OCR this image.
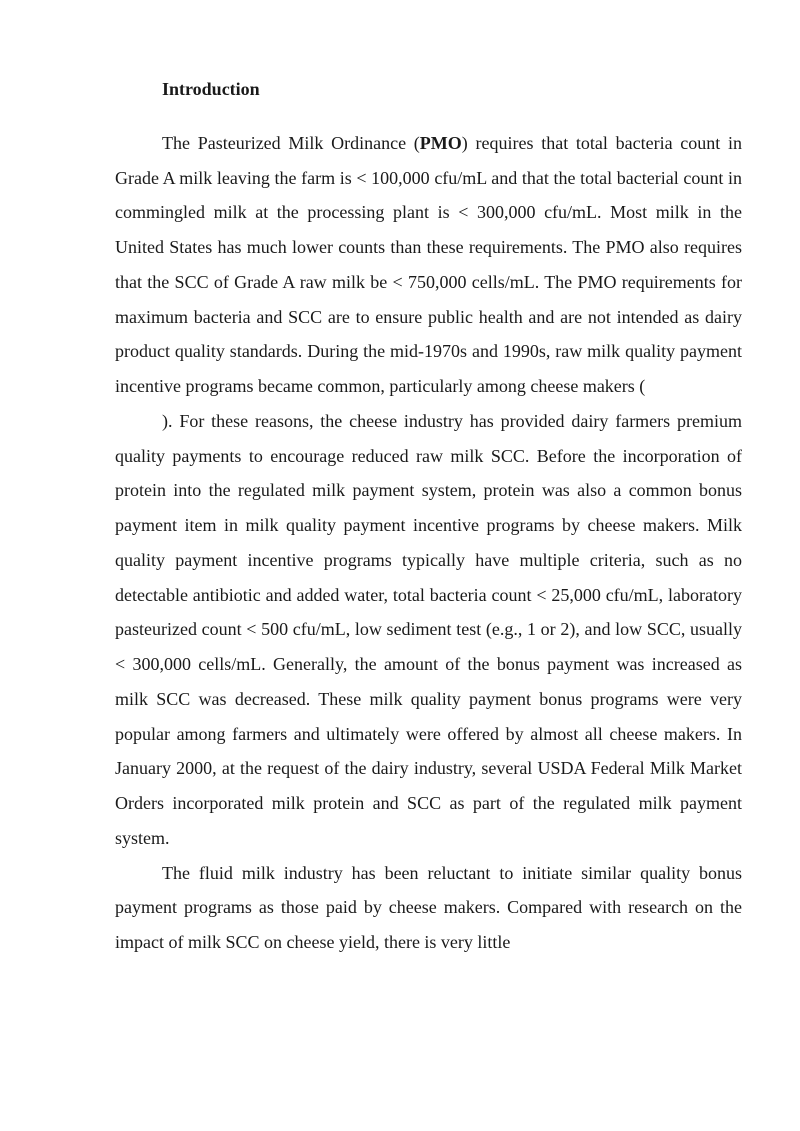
Introduction

The Pasteurized Milk Ordinance (PMO) requires that total bacteria count in Grade A milk leaving the farm is < 100,000 cfu/mL and that the total bacterial count in commingled milk at the processing plant is < 300,000 cfu/mL. Most milk in the United States has much lower counts than these requirements. The PMO also requires that the SCC of Grade A raw milk be < 750,000 cells/mL. The PMO requirements for maximum bacteria and SCC are to ensure public health and are not intended as dairy product quality standards. During the mid-1970s and 1990s, raw milk quality payment incentive programs became common, particularly among cheese makers (

). For these reasons, the cheese industry has provided dairy farmers premium quality payments to encourage reduced raw milk SCC. Before the incorporation of protein into the regulated milk payment system, protein was also a common bonus payment item in milk quality payment incentive programs by cheese makers. Milk quality payment incentive programs typically have multiple criteria, such as no detectable antibiotic and added water, total bacteria count < 25,000 cfu/mL, laboratory pasteurized count < 500 cfu/mL, low sediment test (e.g., 1 or 2), and low SCC, usually < 300,000 cells/mL. Generally, the amount of the bonus payment was increased as milk SCC was decreased. These milk quality payment bonus programs were very popular among farmers and ultimately were offered by almost all cheese makers. In January 2000, at the request of the dairy industry, several USDA Federal Milk Market Orders incorporated milk protein and SCC as part of the regulated milk payment system.

The fluid milk industry has been reluctant to initiate similar quality bonus payment programs as those paid by cheese makers. Compared with research on the impact of milk SCC on cheese yield, there is very little
